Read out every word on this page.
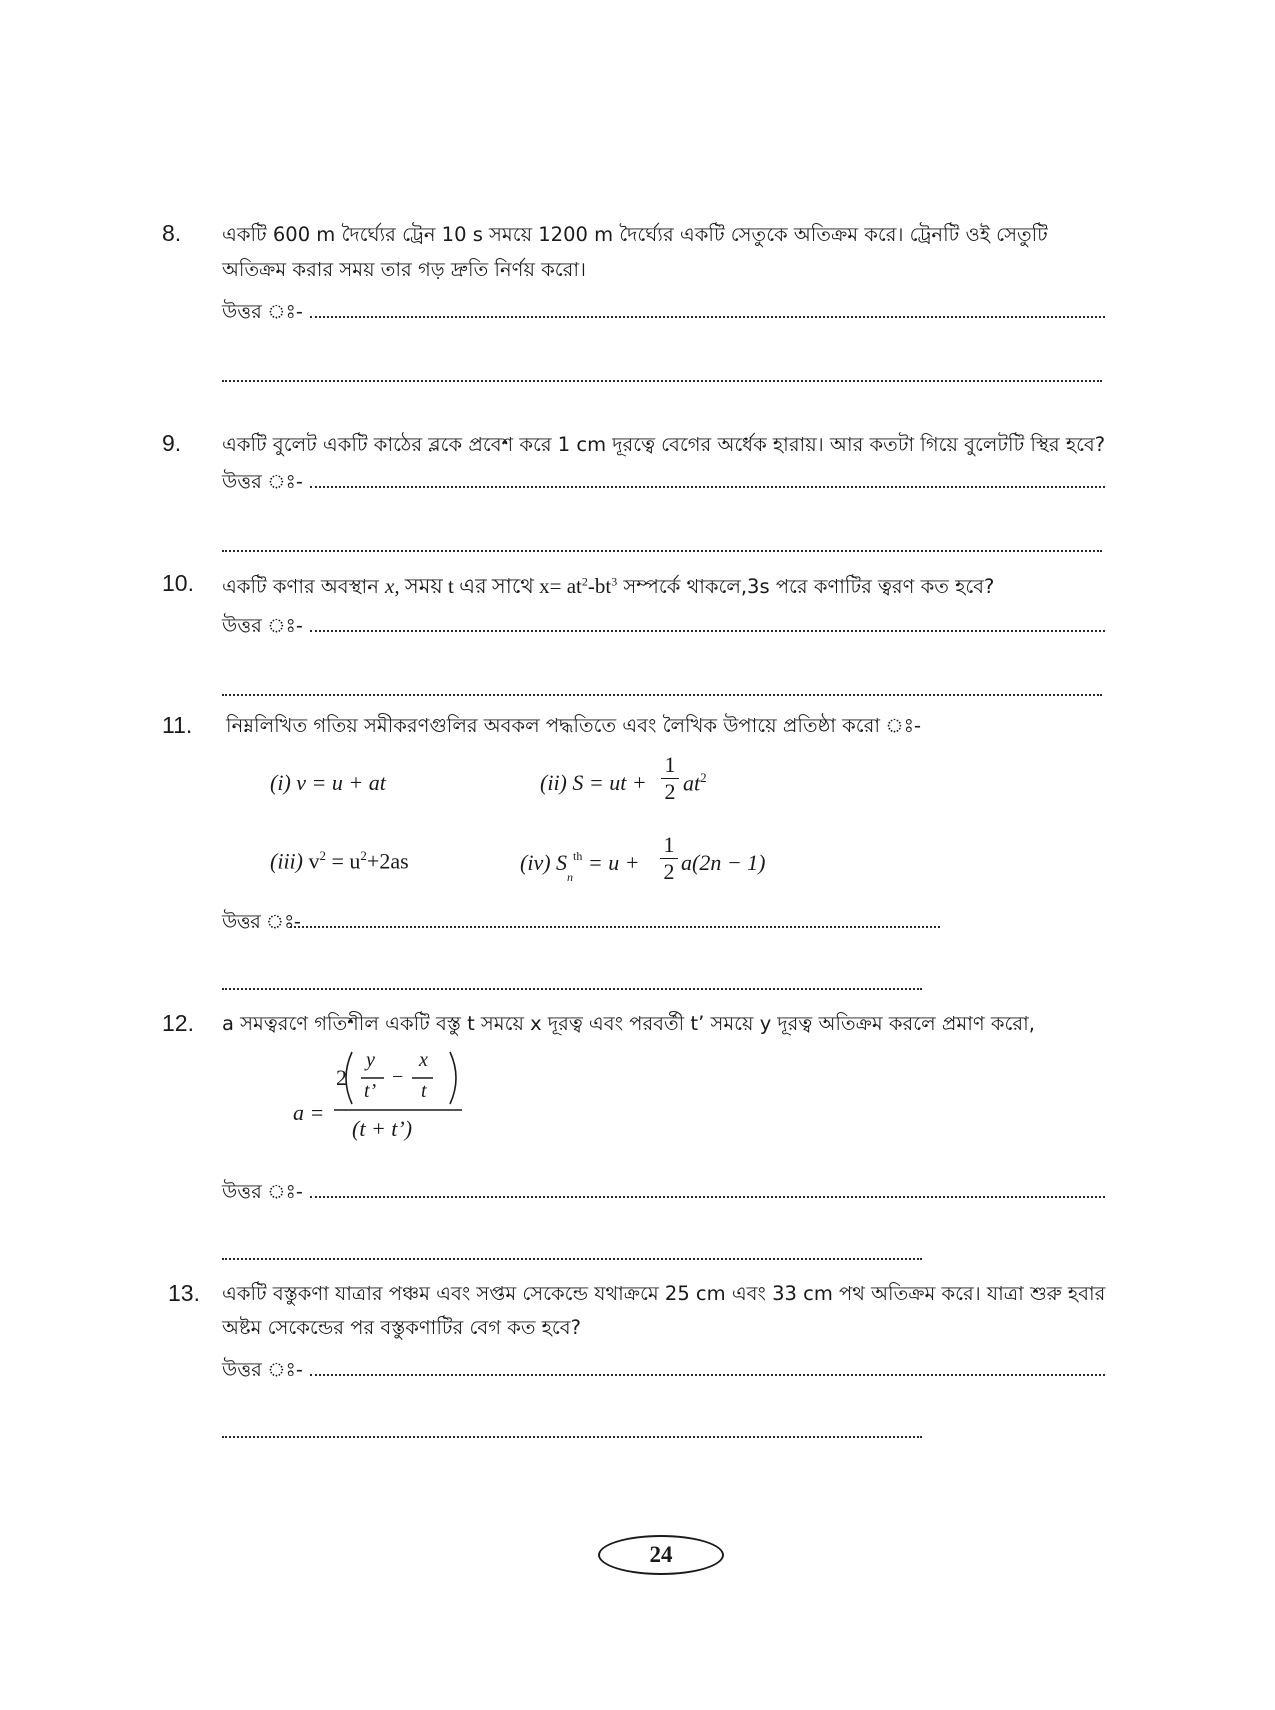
8. একটি 600 m দৈর্ঘ্যের ট্রেন 10 s সময়ে 1200 m দৈর্ঘ্যের একটি সেতুকে অতিক্রম করে। ট্রেনটি ওই সেতুটি
অতিক্রম করার সময় তার গড় দ্রুতি নির্ণয় করো।
উত্তর ঃ-
9. একটি বুলেট একটি কাঠের ব্লকে প্রবেশ করে 1 cm দূরত্বে বেগের অর্ধেক হারায়। আর কতটা গিয়ে বুলেটটি স্থির হবে?
উত্তর ঃ-
10. একটি কণার অবস্থান x, সময় t এর সাথে $x= at^2-bt^3$ সম্পর্কে থাকলে,3s পরে কণাটির ত্বরণ কত হবে?
উত্তর ঃ-
11. নিম্নলিখিত গতিয় সমীকরণগুলির অবকল পদ্ধতিতে এবং লৈখিক উপায়ে প্রতিষ্ঠা করো ঃ-
(i) v = u + at	(ii) S = ut +
1
2 $at^2$
(iii) $v^2 = u^2+2as$	(iv) $S_n^{th} = u$ +
1
2 a(2n − 1)
উত্তর ঃ-
12. a সমত্বরণে গতিশীল একটি বস্তু t সময়ে x দূরত্ব এবং পরবর্তী t’ সময়ে y দূরত্ব অতিক্রম করলে প্রমাণ করো,
a =
2
y
t’
−
x
t
(t + t’)
উত্তর ঃ-
13. একটি বস্তুকণা যাত্রার পঞ্চম এবং সপ্তম সেকেন্ডে যথাক্রমে 25 cm এবং 33 cm পথ অতিক্রম করে। যাত্রা শুরু হবার
অষ্টম সেকেন্ডের পর বস্তুকণাটির বেগ কত হবে?
উত্তর ঃ-
24
